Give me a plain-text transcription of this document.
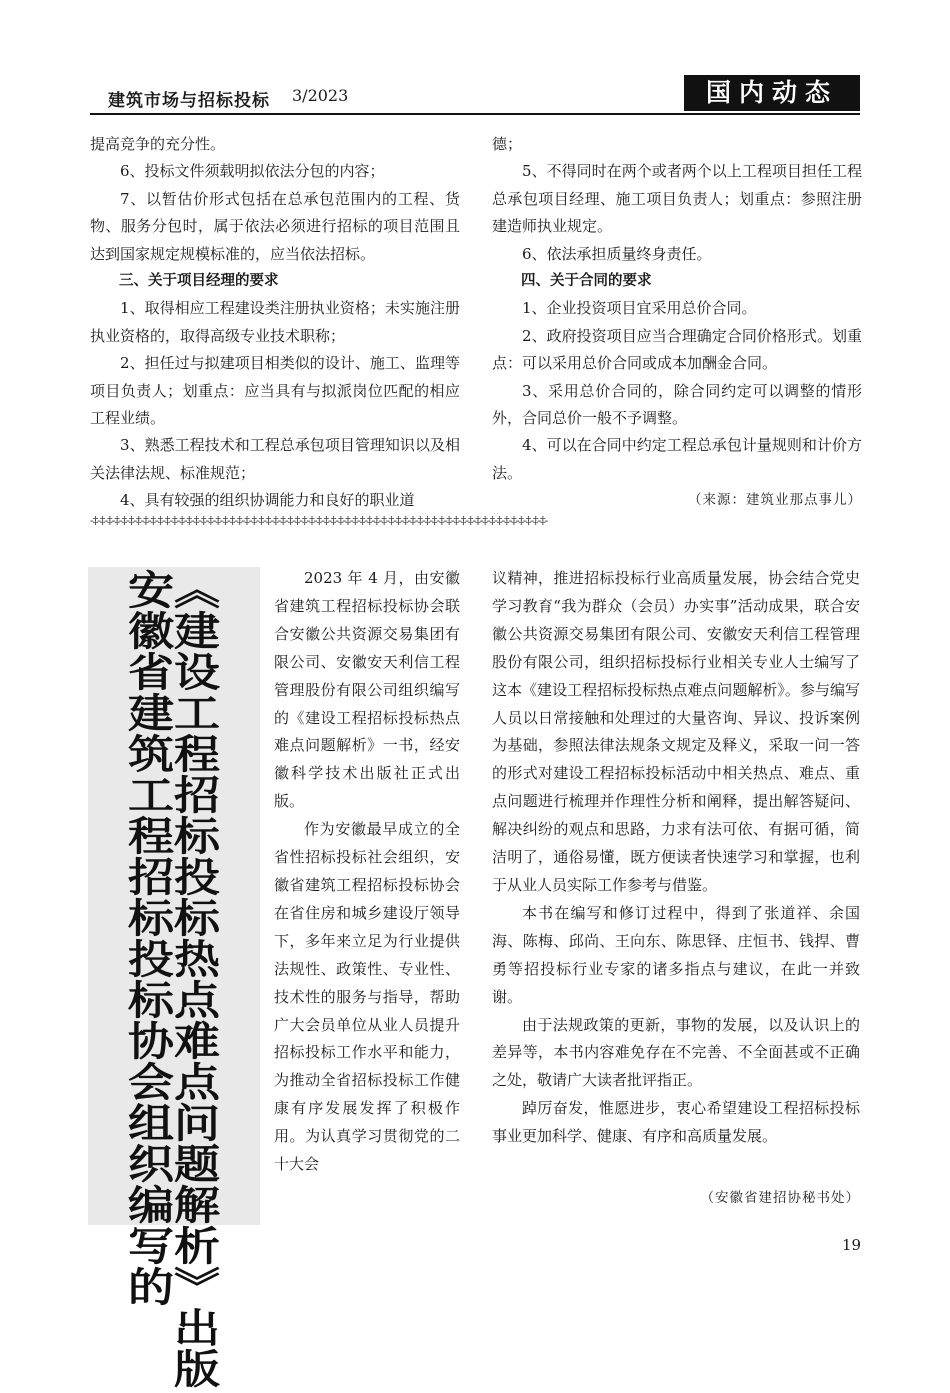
建筑市场与招标投标 3/2023	国内动态

提高竞争的充分性。

6、投标文件须载明拟依法分包的内容；

7、以暂估价形式包括在总承包范围内的工程、货物、服务分包时，属于依法必须进行招标的项目范围且达到国家规定规模标准的，应当依法招标。

三、关于项目经理的要求

1、取得相应工程建设类注册执业资格；未实施注册执业资格的，取得高级专业技术职称；

2、担任过与拟建项目相类似的设计、施工、监理等项目负责人；划重点：应当具有与拟派岗位匹配的相应工程业绩。

3、熟悉工程技术和工程总承包项目管理知识以及相关法律法规、标准规范；

4、具有较强的组织协调能力和良好的职业道

德；

5、不得同时在两个或者两个以上工程项目担任工程总承包项目经理、施工项目负责人；划重点：参照注册建造师执业规定。

6、依法承担质量终身责任。

四、关于合同的要求

1、企业投资项目宜采用总价合同。

2、政府投资项目应当合理确定合同价格形式。划重点：可以采用总价合同或成本加酬金合同。

3、采用总价合同的，除合同约定可以调整的情形外，合同总价一般不予调整。

4、可以在合同中约定工程总承包计量规则和计价方法。

（来源：建筑业那点事儿）

-‡-‡-‡-‡-‡-‡-‡-‡-‡-‡-‡-‡-‡-‡-‡-‡-‡-‡-‡-‡-‡-‡-‡-‡-‡-‡-‡-‡-‡-‡-‡-‡-‡-‡-‡-‡-‡-‡-‡-‡-‡-‡-‡-‡-‡-‡-‡-‡-‡-‡-‡-‡-‡-‡-‡-‡-‡-‡-‡-‡-‡-‡-‡-
︽
建
设
工
程
招
标
投
标
热
点
难
点
问
题
解
析
︾
出
版
安
徽
省
建
筑
工
程
招
标
投
标
协
会
组
织
编
写
的

2023 年 4 月，由安徽省建筑工程招标投标协会联合安徽公共资源交易集团有限公司、安徽安天利信工程管理股份有限公司组织编写的《建设工程招标投标热点难点问题解析》一书，经安徽科学技术出版社正式出版。

作为安徽最早成立的全省性招标投标社会组织，安徽省建筑工程招标投标协会在省住房和城乡建设厅领导下，多年来立足为行业提供法规性、政策性、专业性、技术性的服务与指导，帮助广大会员单位从业人员提升招标投标工作水平和能力，为推动全省招标投标工作健康有序发展发挥了积极作用。为认真学习贯彻党的二十大会

议精神，推进招标投标行业高质量发展，协会结合党史学习教育“我为群众（会员）办实事”活动成果，联合安徽公共资源交易集团有限公司、安徽安天利信工程管理股份有限公司，组织招标投标行业相关专业人士编写了这本《建设工程招标投标热点难点问题解析》。参与编写人员以日常接触和处理过的大量咨询、异议、投诉案例为基础，参照法律法规条文规定及释义，采取一问一答的形式对建设工程招标投标活动中相关热点、难点、重点问题进行梳理并作理性分析和阐释，提出解答疑问、解决纠纷的观点和思路，力求有法可依、有据可循，简洁明了，通俗易懂，既方便读者快速学习和掌握，也利于从业人员实际工作参考与借鉴。

本书在编写和修订过程中，得到了张道祥、余国海、陈梅、邱尚、王向东、陈思铎、庄恒书、钱捍、曹勇等招投标行业专家的诸多指点与建议，在此一并致谢。

由于法规政策的更新，事物的发展，以及认识上的差异等，本书内容难免存在不完善、不全面甚或不正确之处，敬请广大读者批评指正。

踔厉奋发，惟愿进步，衷心希望建设工程招标投标事业更加科学、健康、有序和高质量发展。

（安徽省建招协秘书处）
19
